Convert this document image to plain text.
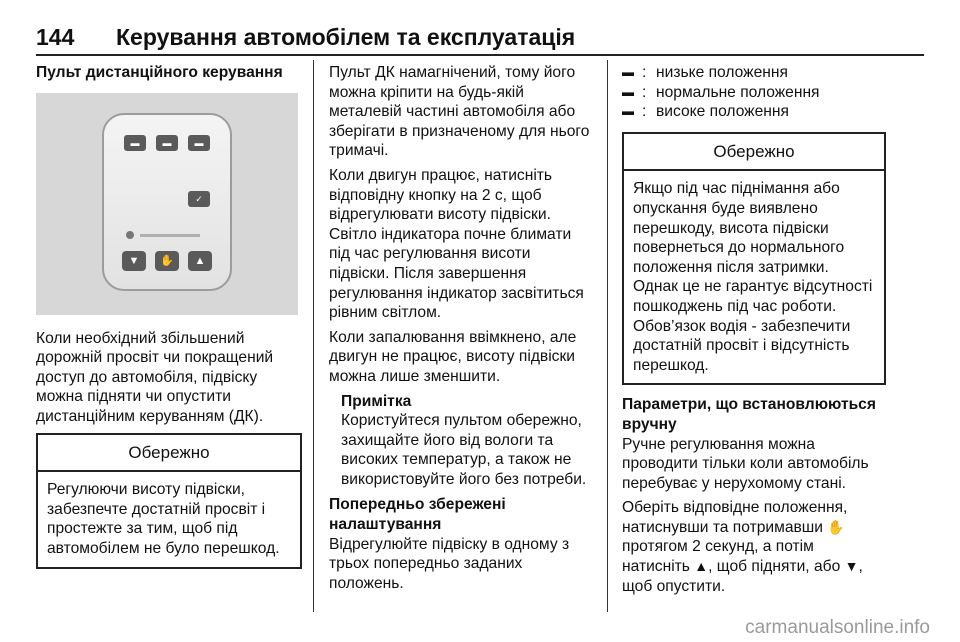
144 Керування автомобілем та експлуатація
Пульт дистанційного керування
▬	▬	▬
✓
▼	✋	▲

Коли необхідний збільшений дорожній просвіт чи покращений доступ до автомобіля, підвіску можна підняти чи опустити дистанційним керуванням (ДК).

Обережно
Регулюючи висоту підвіски, забезпечте достатній просвіт і простежте за тим, щоб під автомобілем не було перешкод.

Пульт ДК намагнічений, тому його можна кріпити на будь-якій металевій частині автомобіля або зберігати в призначеному для нього тримачі.

Коли двигун працює, натисніть відповідну кнопку на 2 с, щоб відрегулювати висоту підвіски. Світло індикатора почне блимати під час регулювання висоти підвіски. Після завершення регулювання індикатор засвітиться рівним світлом.

Коли запалювання ввімкнено, але двигун не працює, висоту підвіски можна лише зменшити.

Примітка
Користуйтеся пультом обережно, захищайте його від вологи та високих температур, а також не використовуйте його без потреби.
Попередньо збережені налаштування

Відрегулюйте підвіску в одному з трьох попередньо заданих положень.

▬ : низьке положення
▬ : нормальне положення
▬ : високе положення
Обережно
Якщо під час піднімання або опускання буде виявлено перешкоду, висота підвіски повернеться до нормального положення після затримки. Однак це не гарантує відсутності пошкоджень під час роботи. Обов’язок водія - забезпечити достатній просвіт і відсутність перешкод.
Параметри, що встановлюються вручну

Ручне регулювання можна проводити тільки коли автомобіль перебуває у нерухомому стані.

Оберіть відповідне положення, натиснувши та потримавши ✋ протягом 2 секунд, а потім натисніть ▲, щоб підняти, або ▼, щоб опустити.

carmanualsonline.info
